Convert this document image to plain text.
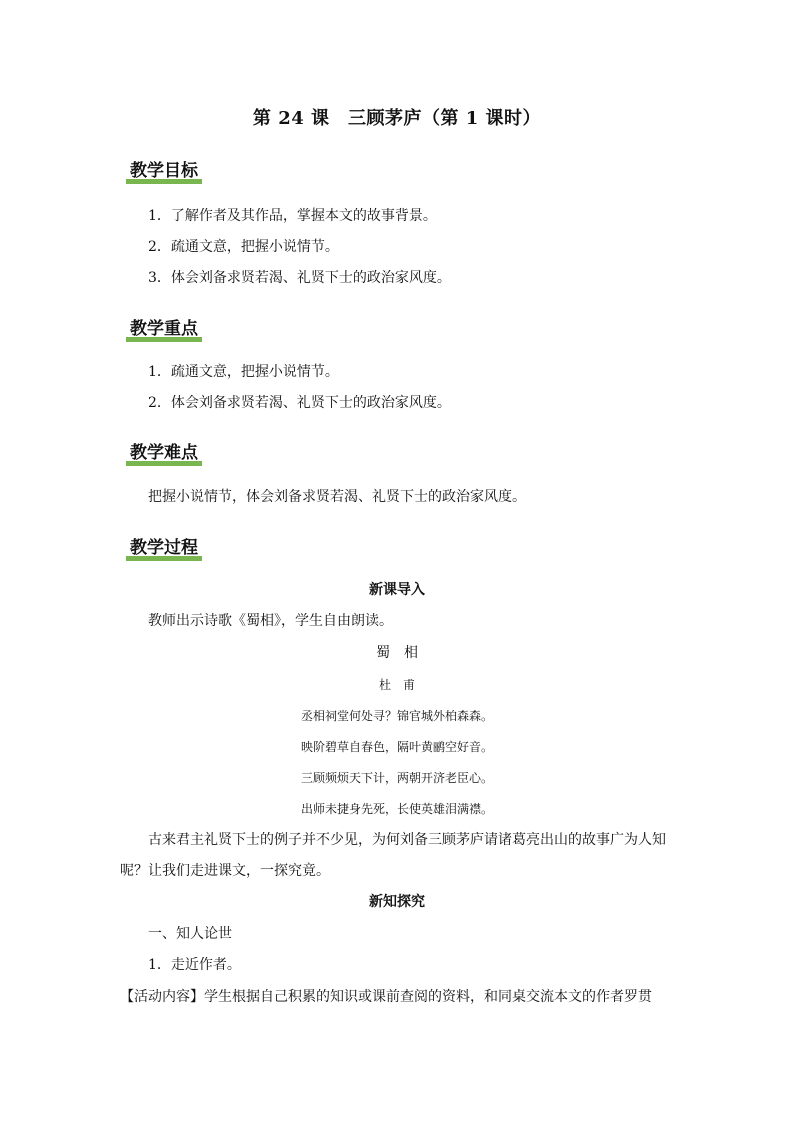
第 24 课　三顾茅庐（第 1 课时）
教学目标

1．了解作者及其作品，掌握本文的故事背景。

2．疏通文意，把握小说情节。

3．体会刘备求贤若渴、礼贤下士的政治家风度。

教学重点

1．疏通文意，把握小说情节。

2．体会刘备求贤若渴、礼贤下士的政治家风度。

教学难点

把握小说情节，体会刘备求贤若渴、礼贤下士的政治家风度。

教学过程

新课导入

教师出示诗歌《蜀相》，学生自由朗读。

蜀　相

杜　甫

丞相祠堂何处寻？锦官城外柏森森。

映阶碧草自春色，隔叶黄鹂空好音。

三顾频烦天下计，两朝开济老臣心。

出师未捷身先死，长使英雄泪满襟。

古来君主礼贤下士的例子并不少见，为何刘备三顾茅庐请诸葛亮出山的故事广为人知

呢？让我们走进课文，一探究竟。

新知探究

一、知人论世

1．走近作者。

【活动内容】学生根据自己积累的知识或课前查阅的资料，和同桌交流本文的作者罗贯
